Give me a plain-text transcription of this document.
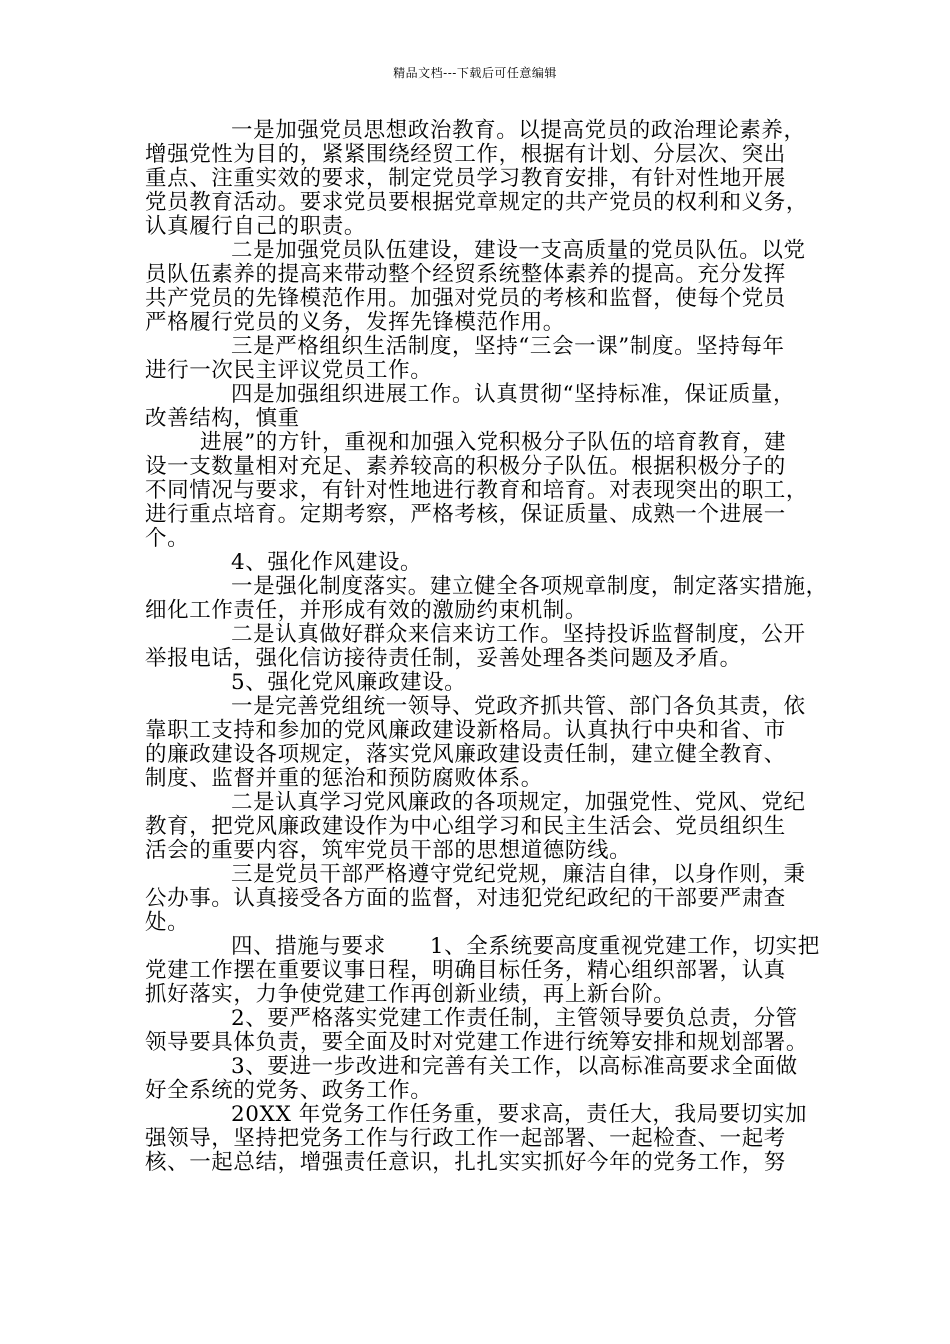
精品文档---下载后可任意编辑
一是加强党员思想政治教育。以提高党员的政治理论素养，
增强党性为目的，紧紧围绕经贸工作，根据有计划、分层次、突出
重点、注重实效的要求，制定党员学习教育安排，有针对性地开展
党员教育活动。要求党员要根据党章规定的共产党员的权利和义务，
认真履行自己的职责。
二是加强党员队伍建设，建设一支高质量的党员队伍。以党
员队伍素养的提高来带动整个经贸系统整体素养的提高。充分发挥
共产党员的先锋模范作用。加强对党员的考核和监督，使每个党员
严格履行党员的义务，发挥先锋模范作用。
三是严格组织生活制度，坚持“三会一课”制度。坚持每年
进行一次民主评议党员工作。
四是加强组织进展工作。认真贯彻“坚持标准，保证质量，
改善结构，慎重
进展”的方针，重视和加强入党积极分子队伍的培育教育，建
设一支数量相对充足、素养较高的积极分子队伍。根据积极分子的
不同情况与要求，有针对性地进行教育和培育。对表现突出的职工，
进行重点培育。定期考察，严格考核，保证质量、成熟一个进展一
个。
4、强化作风建设。
一是强化制度落实。建立健全各项规章制度，制定落实措施，
细化工作责任，并形成有效的激励约束机制。
二是认真做好群众来信来访工作。坚持投诉监督制度，公开
举报电话，强化信访接待责任制，妥善处理各类问题及矛盾。
5、强化党风廉政建设。
一是完善党组统一领导、党政齐抓共管、部门各负其责，依
靠职工支持和参加的党风廉政建设新格局。认真执行中央和省、市
的廉政建设各项规定，落实党风廉政建设责任制，建立健全教育、
制度、监督并重的惩治和预防腐败体系。
二是认真学习党风廉政的各项规定，加强党性、党风、党纪
教育，把党风廉政建设作为中心组学习和民主生活会、党员组织生
活会的重要内容，筑牢党员干部的思想道德防线。
三是党员干部严格遵守党纪党规，廉洁自律，以身作则，秉
公办事。认真接受各方面的监督，对违犯党纪政纪的干部要严肃查
处。
四、措施与要求　　1、全系统要高度重视党建工作，切实把
党建工作摆在重要议事日程，明确目标任务，精心组织部署，认真
抓好落实，力争使党建工作再创新业绩，再上新台阶。
2、要严格落实党建工作责任制，主管领导要负总责，分管
领导要具体负责，要全面及时对党建工作进行统筹安排和规划部署。
3、要进一步改进和完善有关工作，以高标准高要求全面做
好全系统的党务、政务工作。
20XX 年党务工作任务重，要求高，责任大，我局要切实加
强领导，坚持把党务工作与行政工作一起部署、一起检查、一起考
核、一起总结，增强责任意识，扎扎实实抓好今年的党务工作，努
